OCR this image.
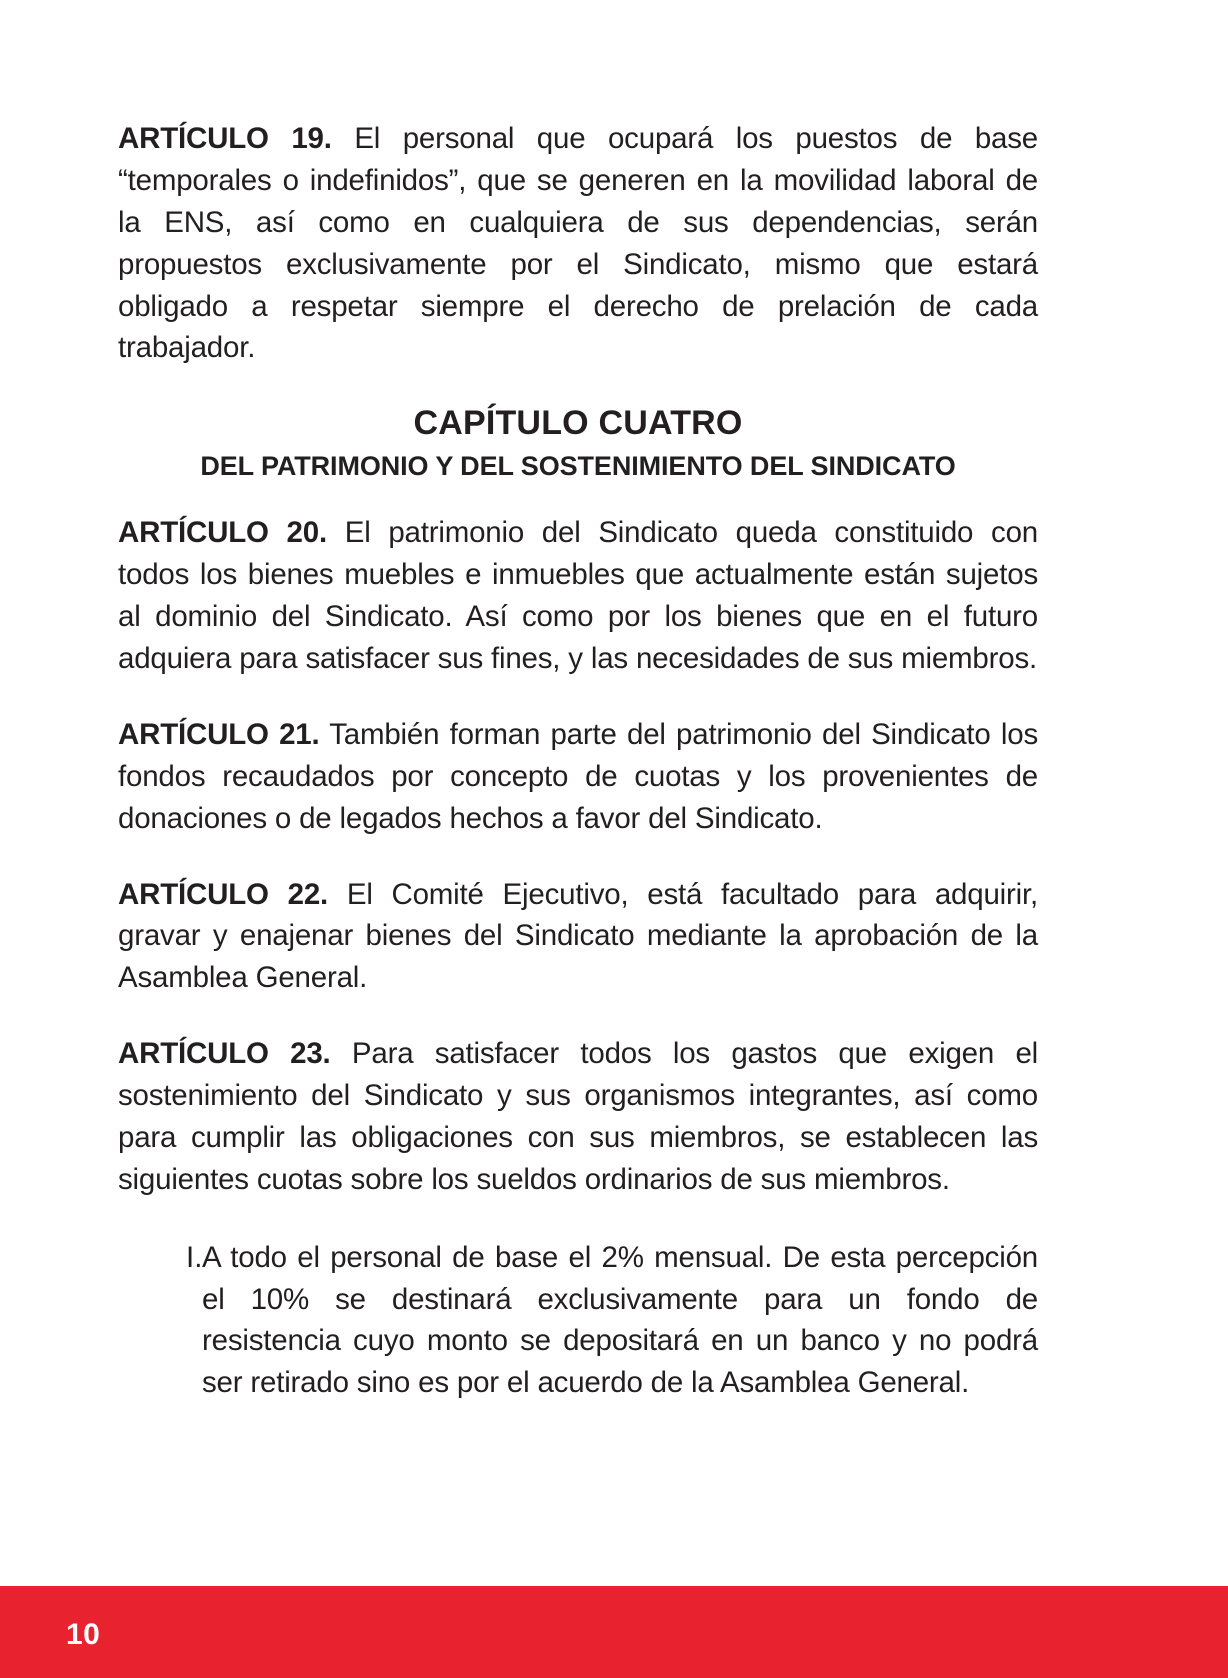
ARTÍCULO 19. El personal que ocupará los puestos de base “temporales o indefinidos”, que se generen en la movilidad laboral de la ENS, así como en cualquiera de sus dependencias, serán propuestos exclusivamente por el Sindicato, mismo que estará obligado a respetar siempre el derecho de prelación de cada trabajador.

CAPÍTULO CUATRO
DEL PATRIMONIO Y DEL SOSTENIMIENTO DEL SINDICATO

ARTÍCULO 20. El patrimonio del Sindicato queda constituido con todos los bienes muebles e inmuebles que actualmente están sujetos al dominio del Sindicato. Así como por los bienes que en el futuro adquiera para satisfacer sus fines, y las necesidades de sus miembros.

ARTÍCULO 21. También forman parte del patrimonio del Sindicato los fondos recaudados por concepto de cuotas y los provenientes de donaciones o de legados hechos a favor del Sindicato.

ARTÍCULO 22. El Comité Ejecutivo, está facultado para adquirir, gravar y enajenar bienes del Sindicato mediante la aprobación de la Asamblea General.

ARTÍCULO 23. Para satisfacer todos los gastos que exigen el sostenimiento del Sindicato y sus organismos integrantes, así como para cumplir las obligaciones con sus miembros, se establecen las siguientes cuotas sobre los sueldos ordinarios de sus miembros.

I. A todo el personal de base el 2% mensual. De esta percepción el 10% se destinará exclusivamente para un fondo de resistencia cuyo monto se depositará en un banco y no podrá ser retirado sino es por el acuerdo de la Asamblea General.
10
